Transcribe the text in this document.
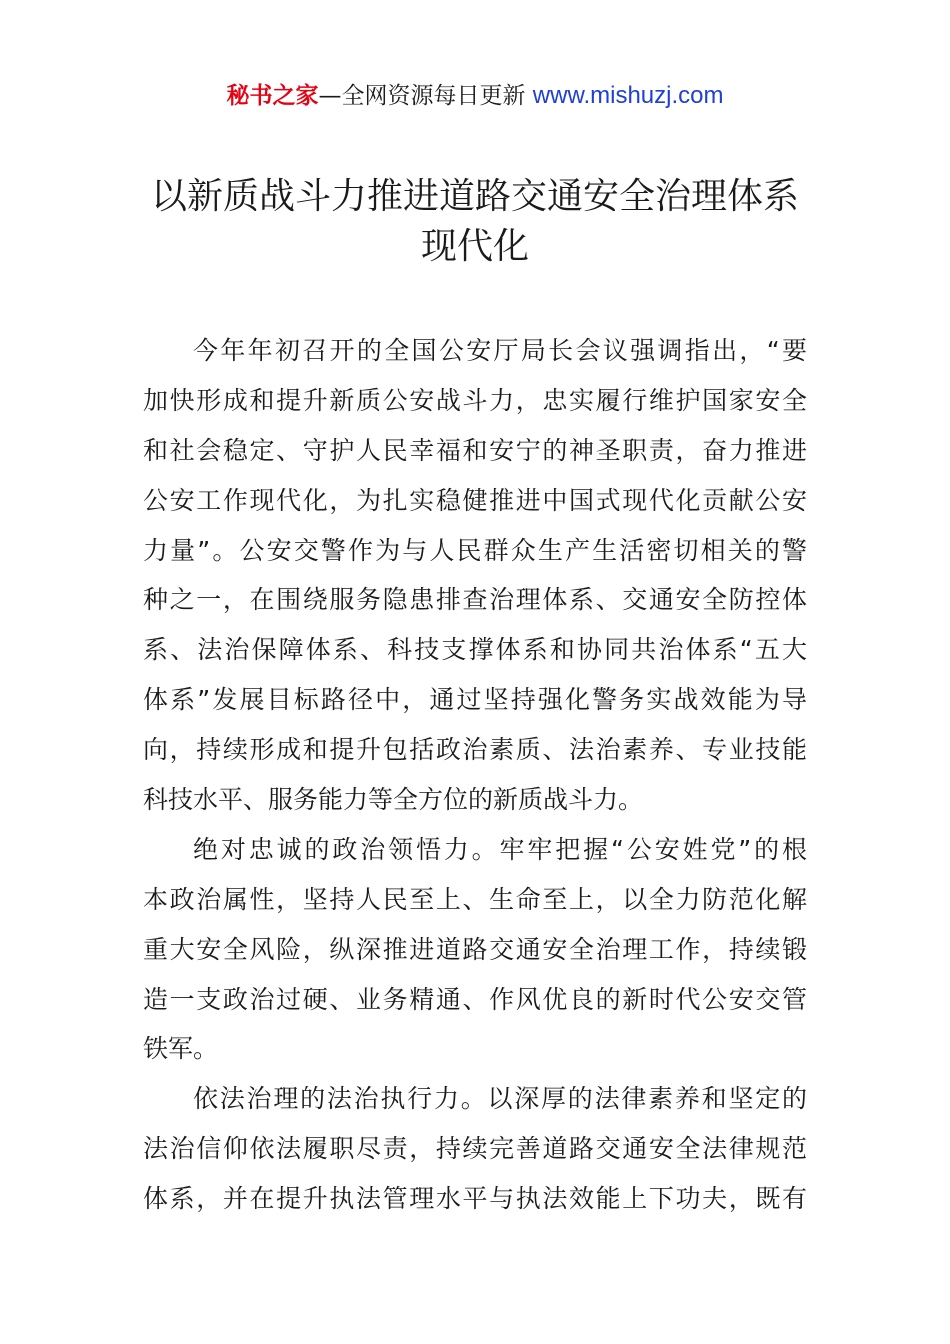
秘书之家—全网资源每日更新 www.mishuzj.com
以新质战斗力推进道路交通安全治理体系
现代化
今年年初召开的全国公安厅局长会议强调指出，“要
加快形成和提升新质公安战斗力，忠实履行维护国家安全
和社会稳定、守护人民幸福和安宁的神圣职责，奋力推进
公安工作现代化，为扎实稳健推进中国式现代化贡献公安
力量”。公安交警作为与人民群众生产生活密切相关的警
种之一，在围绕服务隐患排查治理体系、交通安全防控体
系、法治保障体系、科技支撑体系和协同共治体系“五大
体系”发展目标路径中，通过坚持强化警务实战效能为导
向，持续形成和提升包括政治素质、法治素养、专业技能
科技水平、服务能力等全方位的新质战斗力。
绝对忠诚的政治领悟力。牢牢把握“公安姓党”的根
本政治属性，坚持人民至上、生命至上，以全力防范化解
重大安全风险，纵深推进道路交通安全治理工作，持续锻
造一支政治过硬、业务精通、作风优良的新时代公安交管
铁军。
依法治理的法治执行力。以深厚的法律素养和坚定的
法治信仰依法履职尽责，持续完善道路交通安全法律规范
体系，并在提升执法管理水平与执法效能上下功夫，既有
